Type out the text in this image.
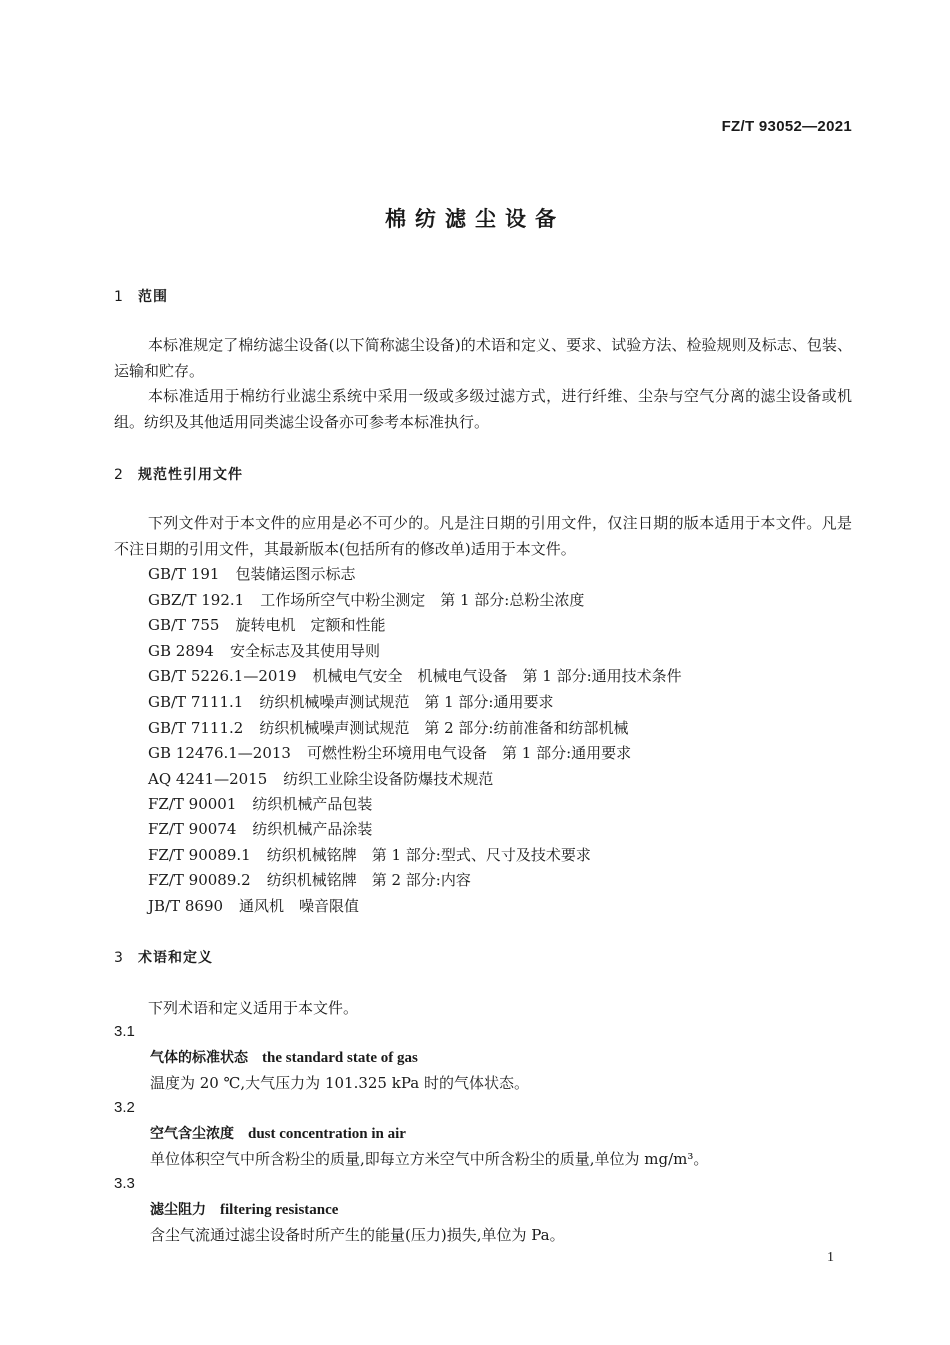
FZ/T 93052—2021
棉纺滤尘设备
1 范围
本标准规定了棉纺滤尘设备(以下简称滤尘设备)的术语和定义、要求、试验方法、检验规则及标志、包装、运输和贮存。
本标准适用于棉纺行业滤尘系统中采用一级或多级过滤方式，进行纤维、尘杂与空气分离的滤尘设备或机组。纺织及其他适用同类滤尘设备亦可参考本标准执行。
2 规范性引用文件
下列文件对于本文件的应用是必不可少的。凡是注日期的引用文件，仅注日期的版本适用于本文件。凡是不注日期的引用文件，其最新版本(包括所有的修改单)适用于本文件。
GB/T 191 包装储运图示标志
GBZ/T 192.1 工作场所空气中粉尘测定　第 1 部分:总粉尘浓度
GB/T 755 旋转电机　定额和性能
GB 2894 安全标志及其使用导则
GB/T 5226.1—2019 机械电气安全　机械电气设备　第 1 部分:通用技术条件
GB/T 7111.1 纺织机械噪声测试规范　第 1 部分:通用要求
GB/T 7111.2 纺织机械噪声测试规范　第 2 部分:纺前准备和纺部机械
GB 12476.1—2013 可燃性粉尘环境用电气设备　第 1 部分:通用要求
AQ 4241—2015 纺织工业除尘设备防爆技术规范
FZ/T 90001 纺织机械产品包装
FZ/T 90074 纺织机械产品涂装
FZ/T 90089.1 纺织机械铭牌　第 1 部分:型式、尺寸及技术要求
FZ/T 90089.2 纺织机械铭牌　第 2 部分:内容
JB/T 8690 通风机　噪音限值
3 术语和定义
下列术语和定义适用于本文件。
3.1
气体的标准状态 the standard state of gas
温度为 20 ℃,大气压力为 101.325 kPa 时的气体状态。
3.2
空气含尘浓度 dust concentration in air
单位体积空气中所含粉尘的质量,即每立方米空气中所含粉尘的质量,单位为 mg/m³。
3.3
滤尘阻力 filtering resistance
含尘气流通过滤尘设备时所产生的能量(压力)损失,单位为 Pa。
1
